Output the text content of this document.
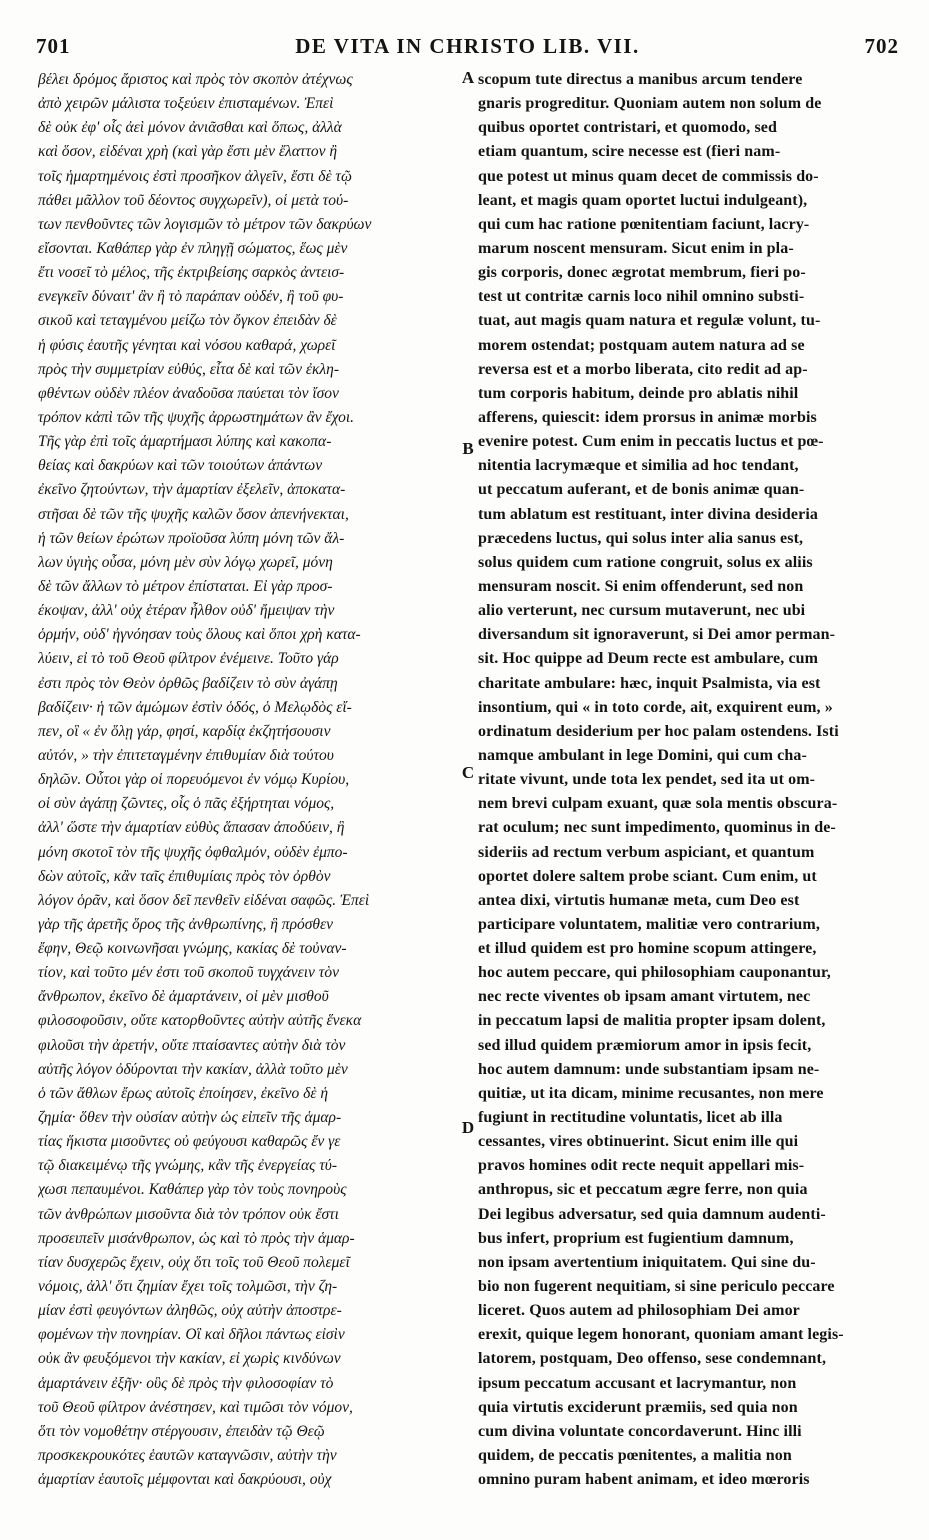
701	DE VITA IN CHRISTO LIB. VII.	702
βέλει δρόμος ἄριστος καὶ πρὸς τὸν σκοπὸν ἀτέχνως
ἀπὸ χειρῶν μάλιστα τοξεύειν ἐπισταμένων. Ἐπεὶ
δὲ οὐκ ἐφ' οἷς ἀεὶ μόνον ἀνιᾶσθαι καὶ ὅπως, ἀλλὰ
καὶ ὅσον, εἰδέναι χρὴ (καὶ γὰρ ἔστι μὲν ἔλαττον ἢ
τοῖς ἡμαρτημένοις ἐστὶ προσῆκον ἀλγεῖν, ἔστι δὲ τῷ
πάθει μᾶλλον τοῦ δέοντος συγχωρεῖν), οἱ μετὰ τού-
των πενθοῦντες τῶν λογισμῶν τὸ μέτρον τῶν δακρύων
εἴσονται. Καθάπερ γὰρ ἐν πληγῇ σώματος, ἕως μὲν
ἔτι νοσεῖ τὸ μέλος, τῆς ἐκτριβείσης σαρκὸς ἀντεισ-
ενεγκεῖν δύναιτ' ἂν ἢ τὸ παράπαν οὐδέν, ἢ τοῦ φυ-
σικοῦ καὶ τεταγμένου μείζω τὸν ὄγκον ἐπειδὰν δὲ
ἡ φύσις ἑαυτῆς γένηται καὶ νόσου καθαρά, χωρεῖ
πρὸς τὴν συμμετρίαν εὐθύς, εἶτα δὲ καὶ τῶν ἐκλη-
φθέντων οὐδὲν πλέον ἀναδοῦσα παύεται τὸν ἴσον
τρόπον κἀπὶ τῶν τῆς ψυχῆς ἀρρωστημάτων ἂν ἔχοι.
Τῆς γὰρ ἐπὶ τοῖς ἁμαρτήμασι λύπης καὶ κακοπα-
θείας καὶ δακρύων καὶ τῶν τοιούτων ἁπάντων
ἐκεῖνο ζητούντων, τὴν ἁμαρτίαν ἐξελεῖν, ἀποκατα-
στῆσαι δὲ τῶν τῆς ψυχῆς καλῶν ὅσον ἀπενήνεκται,
ἡ τῶν θείων ἐρώτων προϊοῦσα λύπη μόνη τῶν ἄλ-
λων ὑγιὴς οὖσα, μόνη μὲν σὺν λόγῳ χωρεῖ, μόνη
δὲ τῶν ἄλλων τὸ μέτρον ἐπίσταται. Εἰ γὰρ προσ-
έκοψαν, ἀλλ' οὐχ ἑτέραν ἦλθον οὐδ' ἤμειψαν τὴν
ὁρμήν, οὐδ' ἠγνόησαν τοὺς ὅλους καὶ ὅποι χρὴ κατα-
λύειν, εἰ τὸ τοῦ Θεοῦ φίλτρον ἐνέμεινε. Τοῦτο γάρ
ἐστι πρὸς τὸν Θεὸν ὀρθῶς βαδίζειν τὸ σὺν ἀγάπῃ
βαδίζειν· ἡ τῶν ἀμώμων ἐστὶν ὁδός, ὁ Μελῳδὸς εἴ-
πεν, οἳ « ἐν ὅλῃ γάρ, φησί, καρδίᾳ ἐκζητήσουσιν
αὐτόν, » τὴν ἐπιτεταγμένην ἐπιθυμίαν διὰ τούτου
δηλῶν. Οὗτοι γὰρ οἱ πορευόμενοι ἐν νόμῳ Κυρίου,
οἱ σὺν ἀγάπῃ ζῶντες, οἷς ὁ πᾶς ἐξήρτηται νόμος,
ἀλλ' ὥστε τὴν ἁμαρτίαν εὐθὺς ἅπασαν ἀποδύειν, ἣ
μόνη σκοτοῖ τὸν τῆς ψυχῆς ὀφθαλμόν, οὐδὲν ἐμπο-
δὼν αὐτοῖς, κἂν ταῖς ἐπιθυμίαις πρὸς τὸν ὀρθὸν
λόγον ὁρᾶν, καὶ ὅσον δεῖ πενθεῖν εἰδέναι σαφῶς. Ἐπεὶ
γὰρ τῆς ἀρετῆς ὅρος τῆς ἀνθρωπίνης, ἣ πρόσθεν
ἔφην, Θεῷ κοινωνῆσαι γνώμης, κακίας δὲ τοὐναν-
τίον, καὶ τοῦτο μέν ἐστι τοῦ σκοποῦ τυγχάνειν τὸν
ἄνθρωπον, ἐκεῖνο δὲ ἁμαρτάνειν, οἱ μὲν μισθοῦ
φιλοσοφοῦσιν, οὔτε κατορθοῦντες αὐτὴν αὐτῆς ἕνεκα
φιλοῦσι τὴν ἀρετήν, οὔτε πταίσαντες αὐτὴν διὰ τὸν
αὐτῆς λόγον ὀδύρονται τὴν κακίαν, ἀλλὰ τοῦτο μὲν
ὁ τῶν ἄθλων ἔρως αὐτοῖς ἐποίησεν, ἐκεῖνο δὲ ἡ
ζημία· ὅθεν τὴν οὐσίαν αὐτὴν ὡς εἰπεῖν τῆς ἁμαρ-
τίας ἥκιστα μισοῦντες οὐ φεύγουσι καθαρῶς ἔν γε
τῷ διακειμένῳ τῆς γνώμης, κἂν τῆς ἐνεργείας τύ-
χωσι πεπαυμένοι. Καθάπερ γὰρ τὸν τοὺς πονηροὺς
τῶν ἀνθρώπων μισοῦντα διὰ τὸν τρόπον οὐκ ἔστι
προσειπεῖν μισάνθρωπον, ὡς καὶ τὸ πρὸς τὴν ἁμαρ-
τίαν δυσχερῶς ἔχειν, οὐχ ὅτι τοῖς τοῦ Θεοῦ πολεμεῖ
νόμοις, ἀλλ' ὅτι ζημίαν ἔχει τοῖς τολμῶσι, τὴν ζη-
μίαν ἐστὶ φευγόντων ἀληθῶς, οὐχ αὐτὴν ἀποστρε-
φομένων τὴν πονηρίαν. Οἳ καὶ δῆλοι πάντως εἰσὶν
οὐκ ἂν φευξόμενοι τὴν κακίαν, εἰ χωρὶς κινδύνων
ἁμαρτάνειν ἐξῆν· οὓς δὲ πρὸς τὴν φιλοσοφίαν τὸ
τοῦ Θεοῦ φίλτρον ἀνέστησεν, καὶ τιμῶσι τὸν νόμον,
ὅτι τὸν νομοθέτην στέργουσιν, ἐπειδὰν τῷ Θεῷ
προσκεκρουκότες ἑαυτῶν καταγνῶσιν, αὐτὴν τὴν
ἁμαρτίαν ἑαυτοῖς μέμφονται καὶ δακρύουσι, οὐχ
A
B
C
D
scopum tute directus a manibus arcum tendere
gnaris progreditur. Quoniam autem non solum de
quibus oportet contristari, et quomodo, sed
etiam quantum, scire necesse est (fieri nam-
que potest ut minus quam decet de commissis do-
leant, et magis quam oportet luctui indulgeant),
qui cum hac ratione pœnitentiam faciunt, lacry-
marum noscent mensuram. Sicut enim in pla-
gis corporis, donec ægrotat membrum, fieri po-
test ut contritæ carnis loco nihil omnino substi-
tuat, aut magis quam natura et regulæ volunt, tu-
morem ostendat; postquam autem natura ad se
reversa est et a morbo liberata, cito redit ad ap-
tum corporis habitum, deinde pro ablatis nihil
afferens, quiescit: idem prorsus in animæ morbis
evenire potest. Cum enim in peccatis luctus et pœ-
nitentia lacrymæque et similia ad hoc tendant,
ut peccatum auferant, et de bonis animæ quan-
tum ablatum est restituant, inter divina desideria
præcedens luctus, qui solus inter alia sanus est,
solus quidem cum ratione congruit, solus ex aliis
mensuram noscit. Si enim offenderunt, sed non
alio verterunt, nec cursum mutaverunt, nec ubi
diversandum sit ignoraverunt, si Dei amor perman-
sit. Hoc quippe ad Deum recte est ambulare, cum
charitate ambulare: hæc, inquit Psalmista, via est
insontium, qui « in toto corde, ait, exquirent eum, »
ordinatum desiderium per hoc palam ostendens. Isti
namque ambulant in lege Domini, qui cum cha-
ritate vivunt, unde tota lex pendet, sed ita ut om-
nem brevi culpam exuant, quæ sola mentis obscura-
rat oculum; nec sunt impedimento, quominus in de-
sideriis ad rectum verbum aspiciant, et quantum
oportet dolere saltem probe sciant. Cum enim, ut
antea dixi, virtutis humanæ meta, cum Deo est
participare voluntatem, malitiæ vero contrarium,
et illud quidem est pro homine scopum attingere,
hoc autem peccare, qui philosophiam cauponantur,
nec recte viventes ob ipsam amant virtutem, nec
in peccatum lapsi de malitia propter ipsam dolent,
sed illud quidem præmiorum amor in ipsis fecit,
hoc autem damnum: unde substantiam ipsam ne-
quitiæ, ut ita dicam, minime recusantes, non mere
fugiunt in rectitudine voluntatis, licet ab illa
cessantes, vires obtinuerint. Sicut enim ille qui
pravos homines odit recte nequit appellari mis-
anthropus, sic et peccatum ægre ferre, non quia
Dei legibus adversatur, sed quia damnum audenti-
bus infert, proprium est fugientium damnum,
non ipsam avertentium iniquitatem. Qui sine du-
bio non fugerent nequitiam, si sine periculo peccare
liceret. Quos autem ad philosophiam Dei amor
erexit, quique legem honorant, quoniam amant legis-
latorem, postquam, Deo offenso, sese condemnant,
ipsum peccatum accusant et lacrymantur, non
quia virtutis exciderunt præmiis, sed quia non
cum divina voluntate concordaverunt. Hinc illi
quidem, de peccatis pœnitentes, a malitia non
omnino puram habent animam, et ideo mœroris
